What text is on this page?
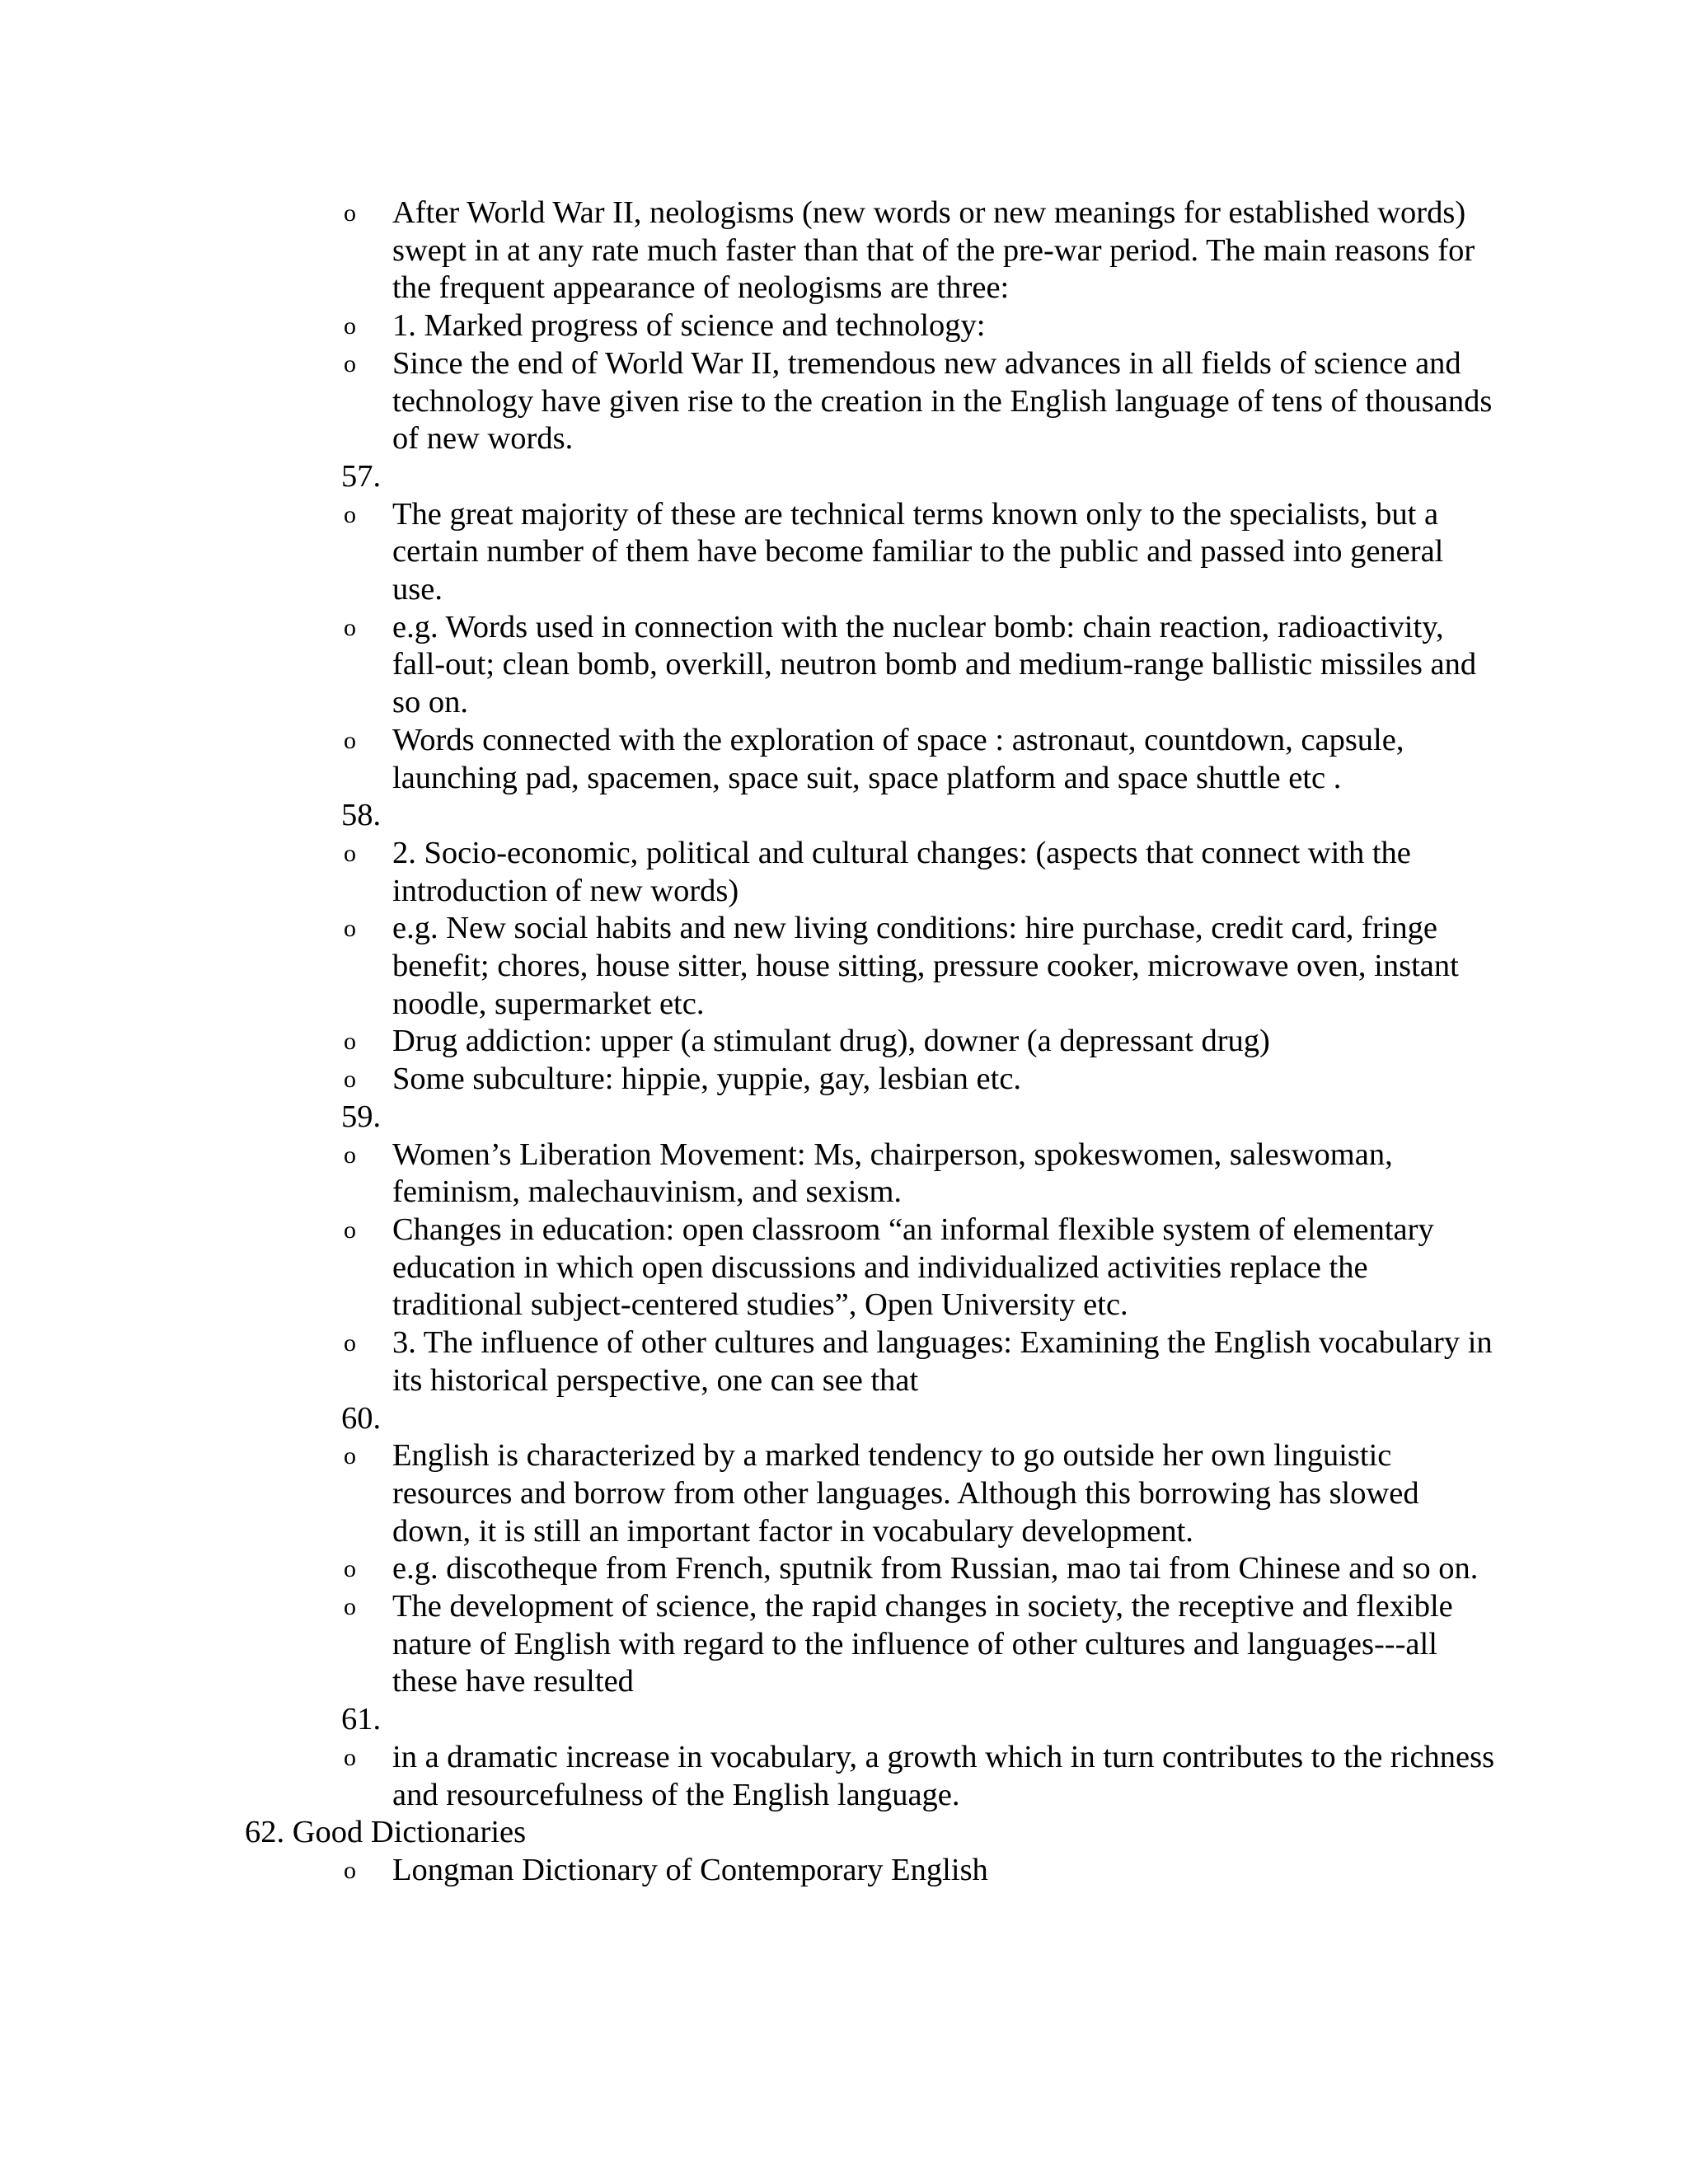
o After World War II, neologisms (new words or new meanings for established words) swept in at any rate much faster than that of the pre-war period. The main reasons for the frequent appearance of neologisms are three:
o 1. Marked progress of science and technology:
o Since the end of World War II, tremendous new advances in all fields of science and technology have given rise to the creation in the English language of tens of thousands of new words.
57.
o The great majority of these are technical terms known only to the specialists, but a certain number of them have become familiar to the public and passed into general use.
o e.g. Words used in connection with the nuclear bomb: chain reaction, radioactivity, fall-out; clean bomb, overkill, neutron bomb and medium-range ballistic missiles and so on.
o Words connected with the exploration of space : astronaut, countdown, capsule, launching pad, spacemen, space suit, space platform and space shuttle etc .
58.
o 2. Socio-economic, political and cultural changes: (aspects that connect with the introduction of new words)
o e.g. New social habits and new living conditions: hire purchase, credit card, fringe benefit; chores, house sitter, house sitting, pressure cooker, microwave oven, instant noodle, supermarket etc.
o Drug addiction: upper (a stimulant drug), downer (a depressant drug)
o Some subculture: hippie, yuppie, gay, lesbian etc.
59.
o Women’s Liberation Movement: Ms, chairperson, spokeswomen, saleswoman, feminism, malechauvinism, and sexism.
o Changes in education: open classroom “an informal flexible system of elementary education in which open discussions and individualized activities replace the traditional subject-centered studies”, Open University etc.
o 3. The influence of other cultures and languages: Examining the English vocabulary in its historical perspective, one can see that
60.
o English is characterized by a marked tendency to go outside her own linguistic resources and borrow from other languages. Although this borrowing has slowed down, it is still an important factor in vocabulary development.
o e.g. discotheque from French, sputnik from Russian, mao tai from Chinese and so on.
o The development of science, the rapid changes in society, the receptive and flexible nature of English with regard to the influence of other cultures and languages---all these have resulted
61.
o in a dramatic increase in vocabulary, a growth which in turn contributes to the richness and resourcefulness of the English language.
62. Good Dictionaries
o Longman Dictionary of Contemporary English
